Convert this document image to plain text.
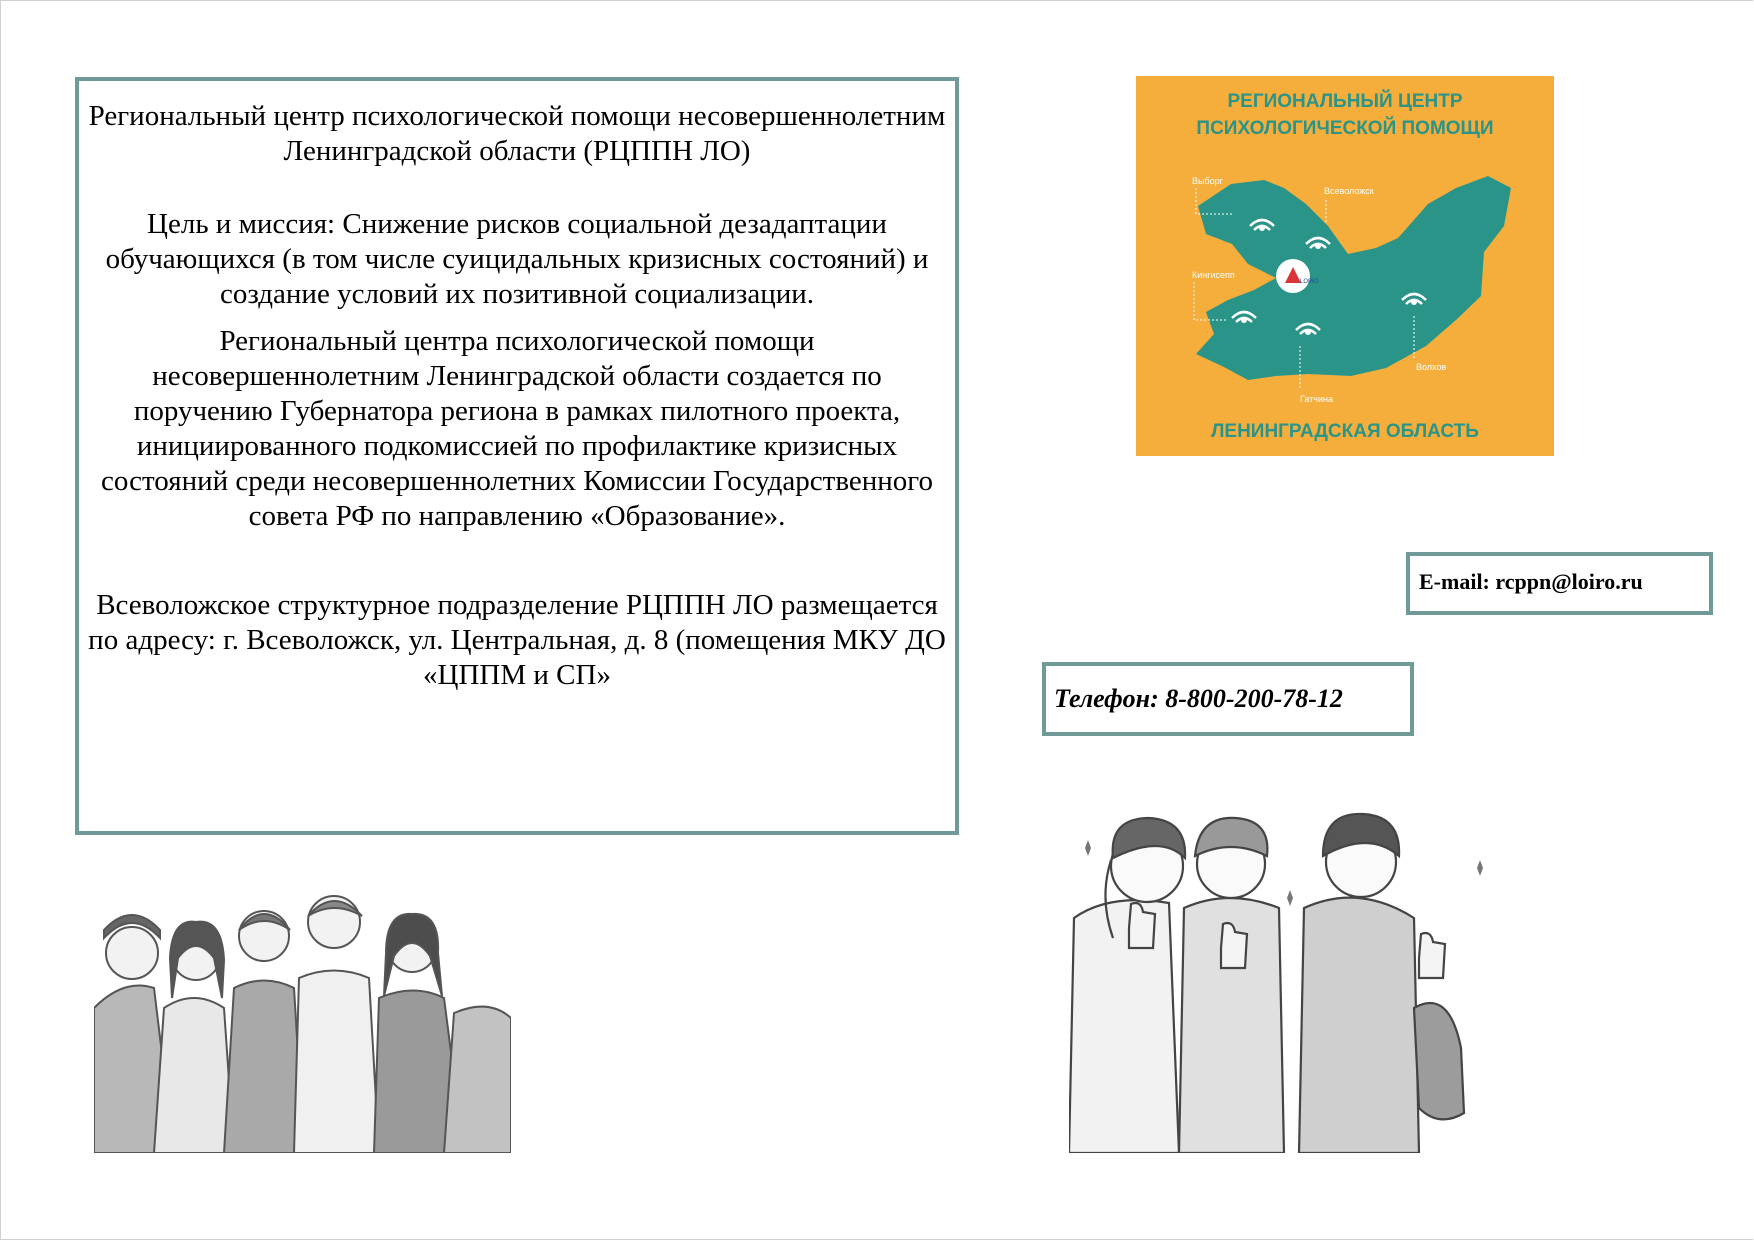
Региональный центр психологической помощи несовершеннолетним Ленинградской области (РЦППН ЛО)

Цель и миссия: Снижение рисков социальной дезадаптации обучающихся (в том числе суицидальных кризисных состояний) и создание условий их позитивной социализации.

Региональный центра психологической помощи несовершеннолетним Ленинградской области создается по поручению Губернатора региона в рамках пилотного проекта, инициированного подкомиссией по профилактике кризисных состояний среди несовершеннолетних Комиссии Государственного совета РФ по направлению «Образование».

Всеволожское структурное подразделение РЦППН ЛО размещается по адресу: г. Всеволожск, ул. Центральная, д. 8 (помещения МКУ ДО «ЦППМ и СП»

LOIRO
Выборг
Всеволожск
Кингисепп
Гатчина
Волхов
РЕГИОНАЛЬНЫЙ ЦЕНТР
ПСИХОЛОГИЧЕСКОЙ ПОМОЩИ
ЛЕНИНГРАДСКАЯ ОБЛАСТЬ
E-mail: rcppn@loiro.ru
Телефон: 8-800-200-78-12
